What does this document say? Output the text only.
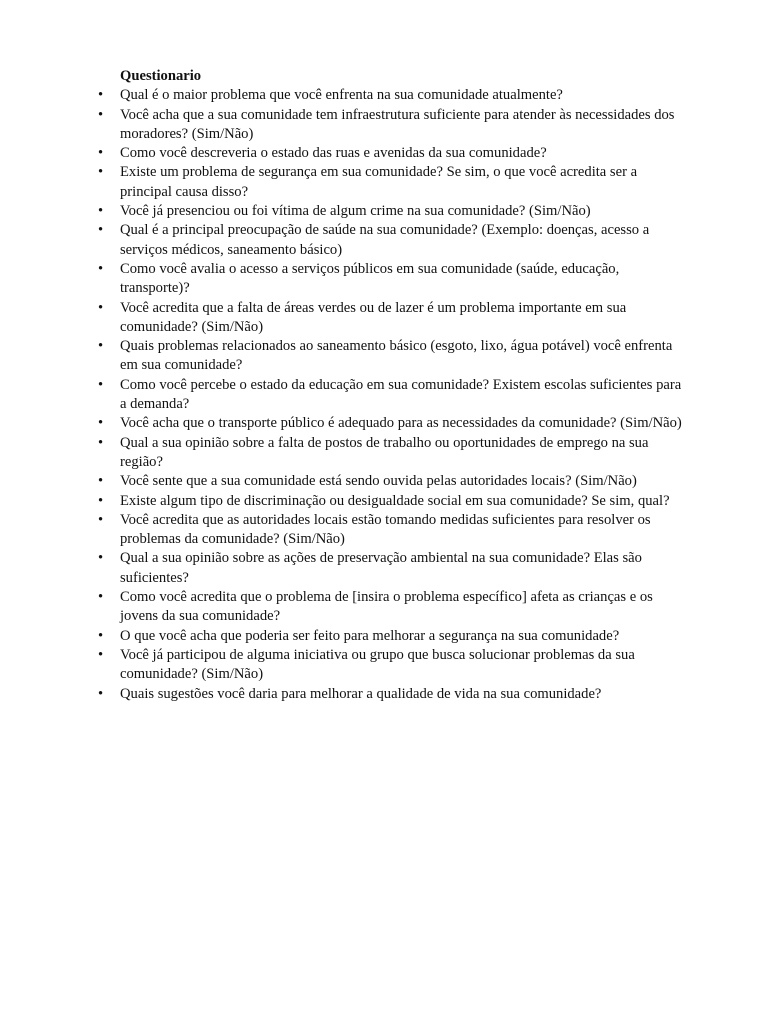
Questionario

•	Qual é o maior problema que você enfrenta na sua comunidade atualmente?
•	Você acha que a sua comunidade tem infraestrutura suficiente para atender às necessidades dos moradores? (Sim/Não)
•	Como você descreveria o estado das ruas e avenidas da sua comunidade?
•	Existe um problema de segurança em sua comunidade? Se sim, o que você acredita ser a principal causa disso?
•	Você já presenciou ou foi vítima de algum crime na sua comunidade? (Sim/Não)
•	Qual é a principal preocupação de saúde na sua comunidade? (Exemplo: doenças, acesso a serviços médicos, saneamento básico)
•	Como você avalia o acesso a serviços públicos em sua comunidade (saúde, educação, transporte)?
•	Você acredita que a falta de áreas verdes ou de lazer é um problema importante em sua comunidade? (Sim/Não)
•	Quais problemas relacionados ao saneamento básico (esgoto, lixo, água potável) você enfrenta em sua comunidade?
•	Como você percebe o estado da educação em sua comunidade? Existem escolas suficientes para a demanda?
•	Você acha que o transporte público é adequado para as necessidades da comunidade? (Sim/Não)
•	Qual a sua opinião sobre a falta de postos de trabalho ou oportunidades de emprego na sua região?
•	Você sente que a sua comunidade está sendo ouvida pelas autoridades locais? (Sim/Não)
•	Existe algum tipo de discriminação ou desigualdade social em sua comunidade? Se sim, qual?
•	Você acredita que as autoridades locais estão tomando medidas suficientes para resolver os problemas da comunidade? (Sim/Não)
•	Qual a sua opinião sobre as ações de preservação ambiental na sua comunidade? Elas são suficientes?
•	Como você acredita que o problema de [insira o problema específico] afeta as crianças e os jovens da sua comunidade?
•	O que você acha que poderia ser feito para melhorar a segurança na sua comunidade?
•	Você já participou de alguma iniciativa ou grupo que busca solucionar problemas da sua comunidade? (Sim/Não)
•	Quais sugestões você daria para melhorar a qualidade de vida na sua comunidade?
